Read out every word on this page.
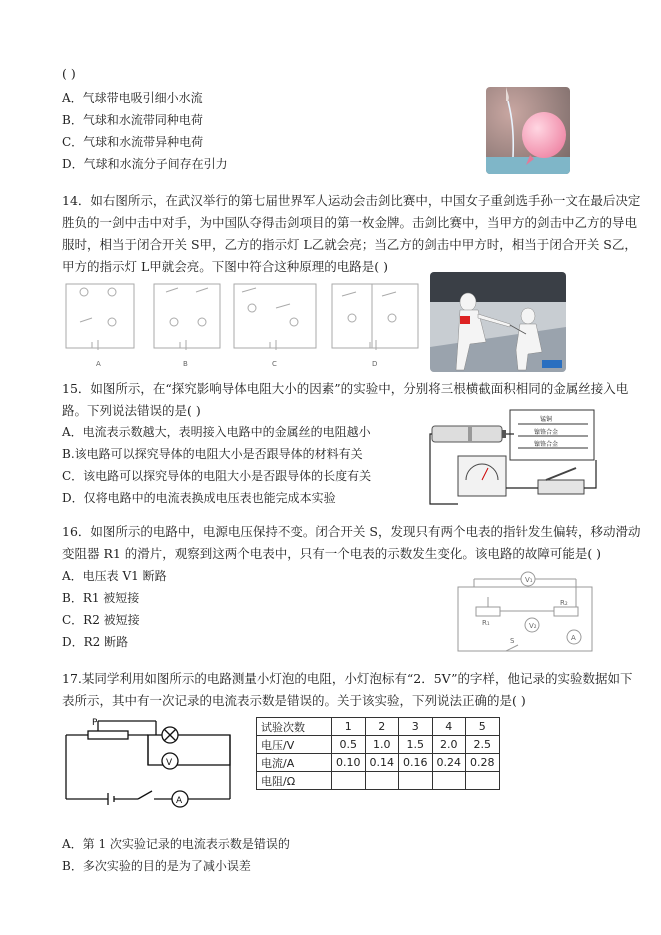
( )
A．气球带电吸引细小水流
B．气球和水流带同种电荷
C．气球和水流带异种电荷
D．气球和水流分子间存在引力
14．如右图所示，在武汉举行的第七届世界军人运动会击剑比赛中，中国女子重剑选手孙一文在最后决定
胜负的一剑中击中对手，为中国队夺得击剑项目的第一枚金牌。击剑比赛中，当甲方的剑击中乙方的导电
服时，相当于闭合开关 S甲，乙方的指示灯 L乙就会亮；当乙方的剑击中甲方时，相当于闭合开关 S乙，
甲方的指示灯 L甲就会亮。下图中符合这种原理的电路是( )
A	B	C	D
15．如图所示，在“探究影响导体电阻大小的因素”的实验中，分别将三根横截面积相同的金属丝接入电
路。下列说法错误的是( )
A．电流表示数越大，表明接入电路中的金属丝的电阻越小
B.该电路可以探究导体的电阻大小是否跟导体的材料有关
C．该电路可以探究导体的电阻大小是否跟导体的长度有关
D．仅将电路中的电流表换成电压表也能完成本实验
锰铜
镍铬合金
镍铬合金
16．如图所示的电路中，电源电压保持不变。闭合开关 S，发现只有两个电表的指针发生偏转，移动滑动
变阻器 R1 的滑片，观察到这两个电表中，只有一个电表的示数发生变化。该电路的故障可能是( )
A．电压表 V1 断路
B．R1 被短接
C．R2 被短接
D．R2 断路
V₁
R₁	V₂
R₂
A
S
17.某同学利用如图所示的电路测量小灯泡的电阻，小灯泡标有“2．5V”的字样，他记录的实验数据如下
表所示，其中有一次记录的电流表示数是错误的。关于该实验，下列说法正确的是( )
V
A
P	试验次数	1	2	3	4	5
电压/V	0.5	1.0	1.5	2.0	2.5
电流/A	0.10	0.14	0.16	0.24	0.28
电阻/Ω					
A．第 1 次实验记录的电流表示数是错误的
B．多次实验的目的是为了减小误差
